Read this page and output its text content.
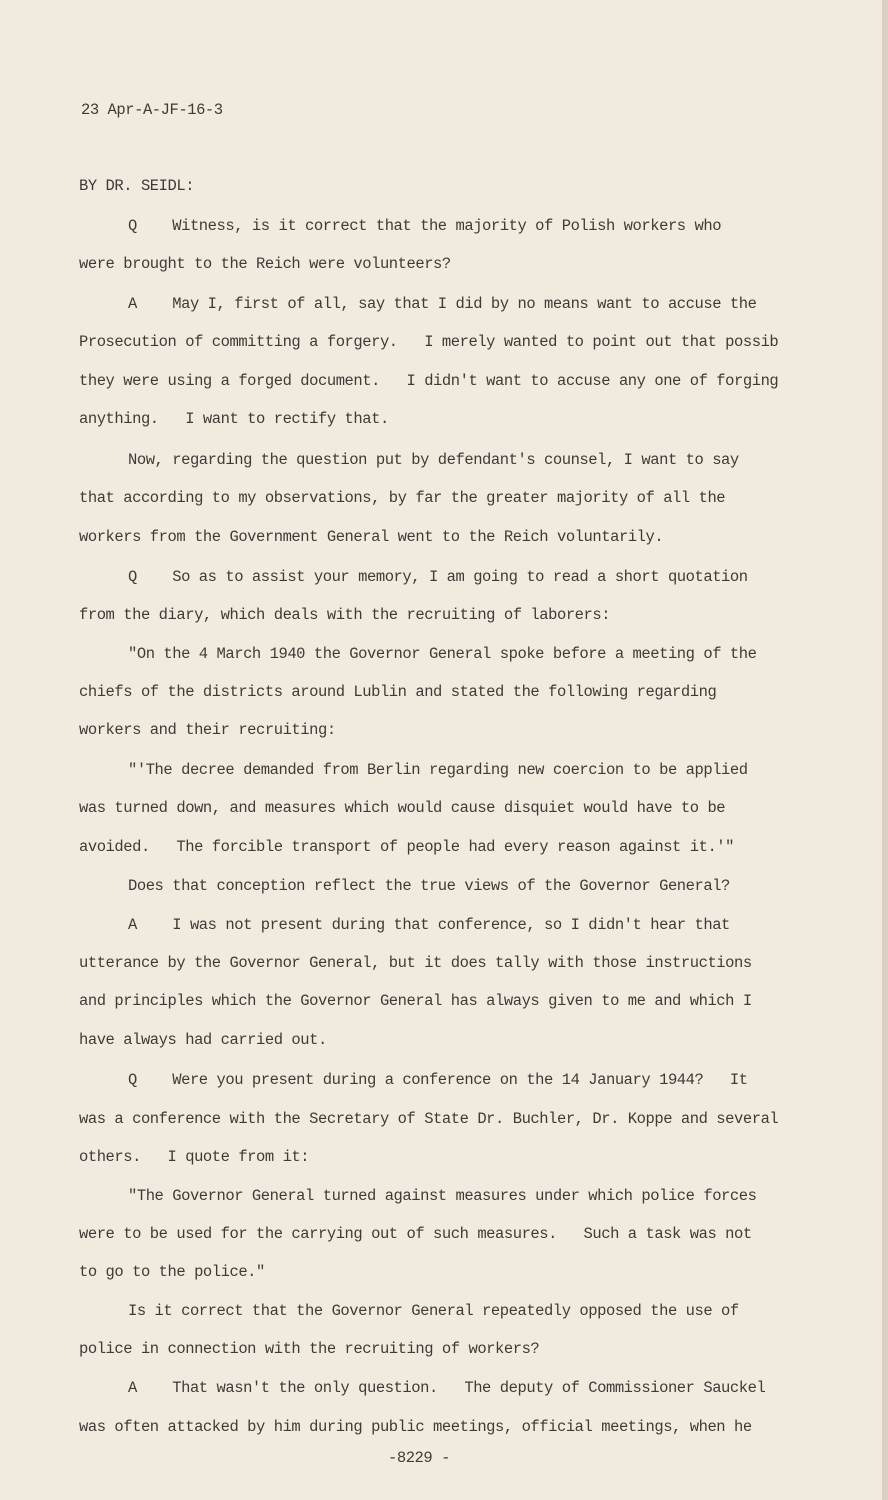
23 Apr-A-JF-16-3
BY DR. SEIDL:
Q    Witness, is it correct that the majority of Polish workers who
were brought to the Reich were volunteers?
A    May I, first of all, say that I did by no means want to accuse the
Prosecution of committing a forgery.   I merely wanted to point out that possib
they were using a forged document.   I didn't want to accuse any one of forging
anything.   I want to rectify that.
Now, regarding the question put by defendant's counsel, I want to say
that according to my observations, by far the greater majority of all the
workers from the Government General went to the Reich voluntarily.
Q    So as to assist your memory, I am going to read a short quotation
from the diary, which deals with the recruiting of laborers:
"On the 4 March 1940 the Governor General spoke before a meeting of the
chiefs of the districts around Lublin and stated the following regarding
workers and their recruiting:
"'The decree demanded from Berlin regarding new coercion to be applied
was turned down, and measures which would cause disquiet would have to be
avoided.   The forcible transport of people had every reason against it.'"
Does that conception reflect the true views of the Governor General?
A    I was not present during that conference, so I didn't hear that
utterance by the Governor General, but it does tally with those instructions
and principles which the Governor General has always given to me and which I
have always had carried out.
Q    Were you present during a conference on the 14 January 1944?   It
was a conference with the Secretary of State Dr. Buchler, Dr. Koppe and several
others.   I quote from it:
"The Governor General turned against measures under which police forces
were to be used for the carrying out of such measures.   Such a task was not
to go to the police."
Is it correct that the Governor General repeatedly opposed the use of
police in connection with the recruiting of workers?
A    That wasn't the only question.   The deputy of Commissioner Sauckel
was often attacked by him during public meetings, official meetings, when he
-8229 -
